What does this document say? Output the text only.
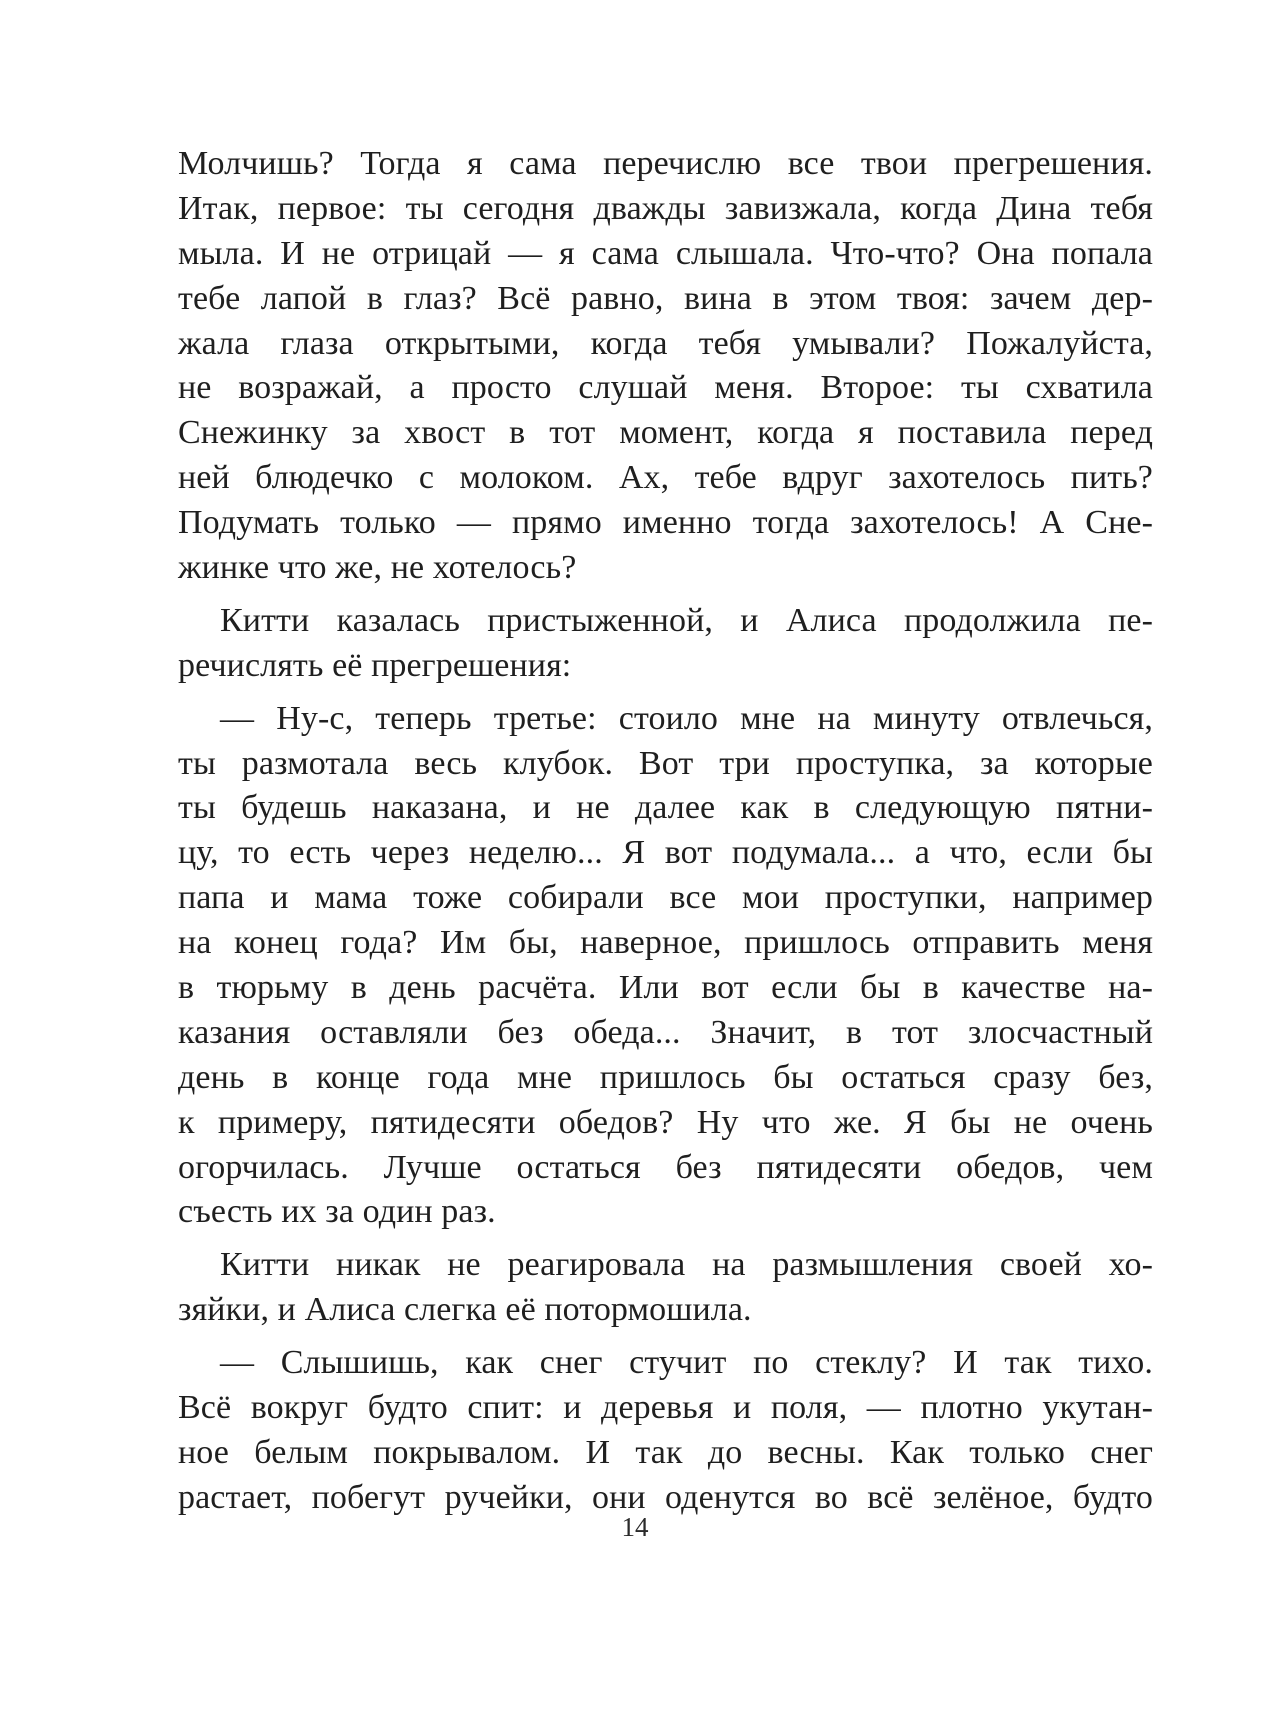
Молчишь? Тогда я сама перечислю все твои прегрешения.
Итак, первое: ты сегодня дважды завизжала, когда Дина тебя
мыла. И не отрицай — я сама слышала. Что-что? Она попала
тебе лапой в глаз? Всё равно, вина в этом твоя: зачем дер-
жала глаза открытыми, когда тебя умывали? Пожалуйста,
не возражай, а просто слушай меня. Второе: ты схватила
Снежинку за хвост в тот момент, когда я поставила перед
ней блюдечко с молоком. Ах, тебе вдруг захотелось пить?
Подумать только — прямо именно тогда захотелось! А Сне-
жинке что же, не хотелось?
Китти казалась пристыженной, и Алиса продолжила пе-
речислять её прегрешения:
— Ну-с, теперь третье: стоило мне на минуту отвлечься,
ты размотала весь клубок. Вот три проступка, за которые
ты будешь наказана, и не далее как в следующую пятни-
цу, то есть через неделю... Я вот подумала... а что, если бы
папа и мама тоже собирали все мои проступки, например
на конец года? Им бы, наверное, пришлось отправить меня
в тюрьму в день расчёта. Или вот если бы в качестве на-
казания оставляли без обеда... Значит, в тот злосчастный
день в конце года мне пришлось бы остаться сразу без,
к примеру, пятидесяти обедов? Ну что же. Я бы не очень
огорчилась. Лучше остаться без пятидесяти обедов, чем
съесть их за один раз.
Китти никак не реагировала на размышления своей хо-
зяйки, и Алиса слегка её потормошила.
— Слышишь, как снег стучит по стеклу? И так тихо.
Всё вокруг будто спит: и деревья и поля, — плотно укутан-
ное белым покрывалом. И так до весны. Как только снег
растает, побегут ручейки, они оденутся во всё зелёное, будто
14
